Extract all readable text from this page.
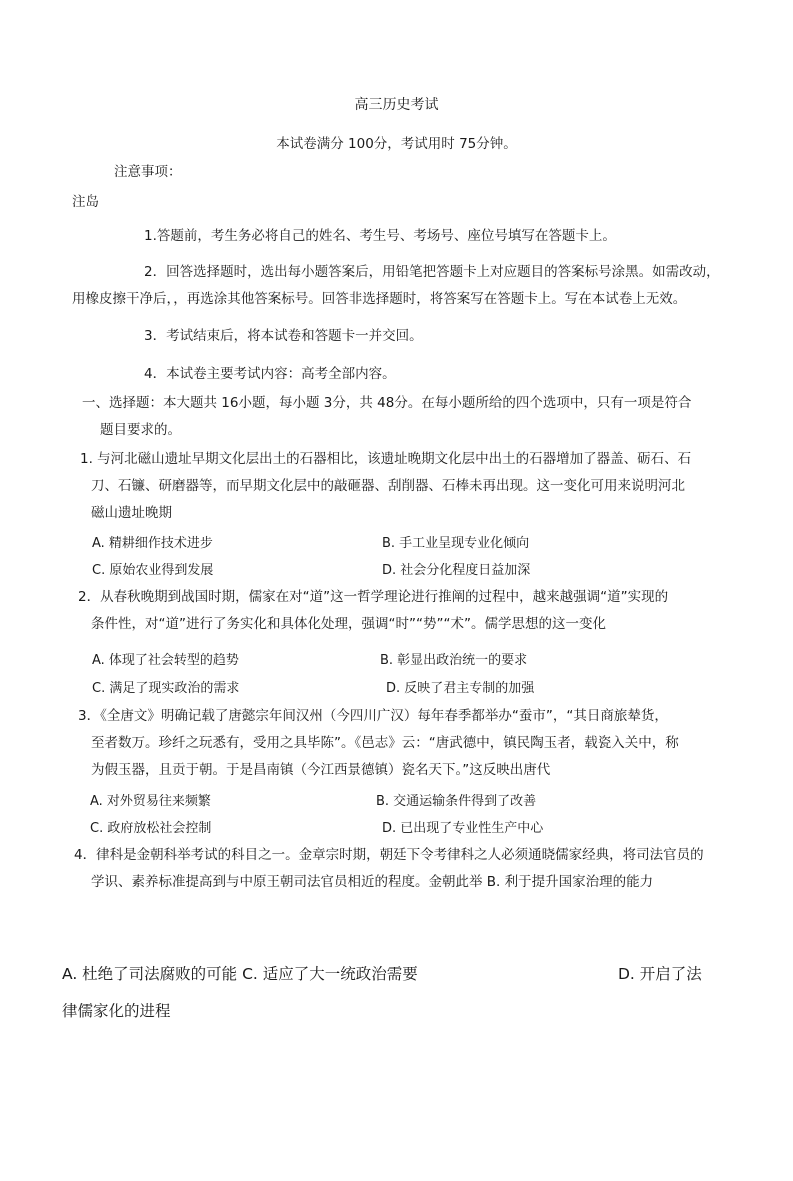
高三历史考试
本试卷满分 100分，考试用时 75分钟。
注意事项：
注岛
1.答题前，考生务必将自己的姓名、考生号、考场号、座位号填写在答题卡上。
2．回答选择题时，选出每小题答案后，用铅笔把答题卡上对应题目的答案标号涂黑。如需改动，
用橡皮擦干净后，，再选涂其他答案标号。回答非选择题时，将答案写在答题卡上。写在本试卷上无效。
3．考试结束后，将本试卷和答题卡一并交回。
4．本试卷主要考试内容：高考全部内容。
一、选择题：本大题共 16小题，每小题 3分，共 48分。在每小题所给的四个选项中，只有一项是符合
题目要求的。
1. 与河北磁山遗址早期文化层出土的石器相比，该遗址晚期文化层中出土的石器增加了器盖、砺石、石
刀、石镰、研磨器等，而早期文化层中的敲砸器、刮削器、石棒未再出现。这一变化可用来说明河北
磁山遗址晚期
A. 精耕细作技术进步	B. 手工业呈现专业化倾向
C. 原始农业得到发展	D. 社会分化程度日益加深
2．从春秋晚期到战国时期，儒家在对“道”这一哲学理论进行推阐的过程中，越来越强调“道”实现的
条件性，对“道”进行了务实化和具体化处理，强调“时”“势”“术”。儒学思想的这一变化
A. 体现了社会转型的趋势	B. 彰显出政治统一的要求
C. 满足了现实政治的需求	D. 反映了君主专制的加强
3．《全唐文》明确记载了唐懿宗年间汉州（今四川广汉）每年春季都举办“蚕市”，“其日商旅辇货，
至者数万。珍纤之玩悉有，受用之具毕陈”。《邑志》云：“唐武德中，镇民陶玉者，载瓷入关中，称
为假玉器，且贡于朝。于是昌南镇（今江西景德镇）瓷名天下。”这反映出唐代
A. 对外贸易往来频繁	B. 交通运输条件得到了改善
C. 政府放松社会控制	D. 已出现了专业性生产中心
4．律科是金朝科举考试的科目之一。金章宗时期，朝廷下令考律科之人必须通晓儒家经典，将司法官员的
学识、素养标准提高到与中原王朝司法官员相近的程度。金朝此举 B. 利于提升国家治理的能力
A. 杜绝了司法腐败的可能 C. 适应了大一统政治需要	D. 开启了法
律儒家化的进程
